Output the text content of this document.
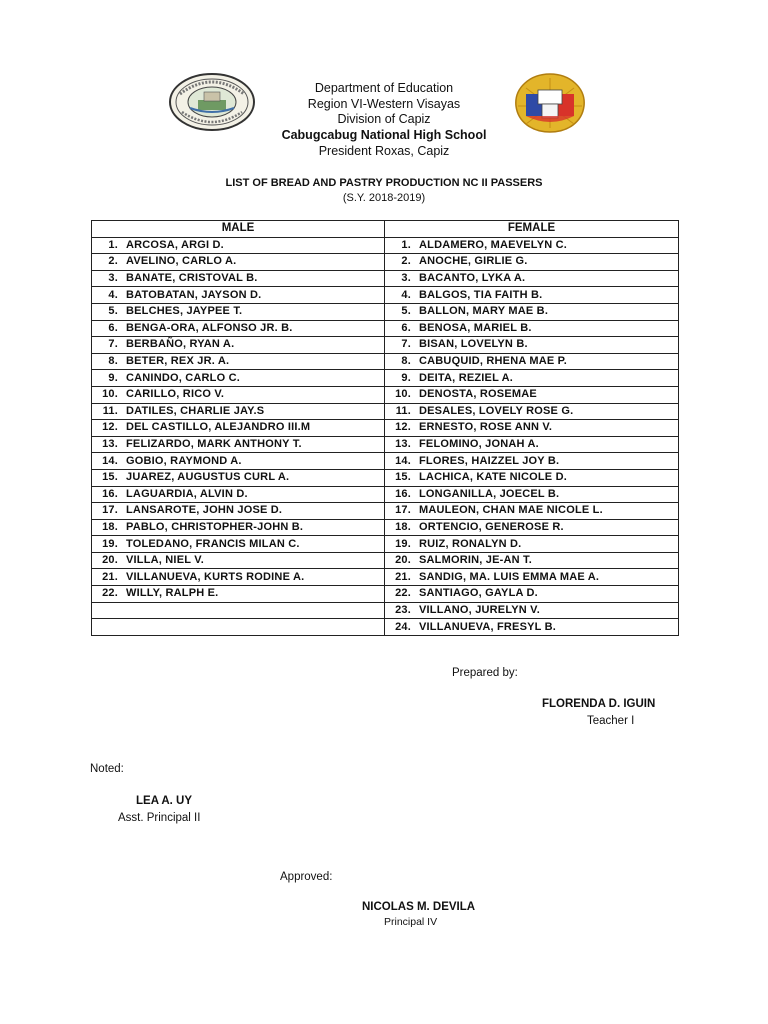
Department of Education
Region VI-Western Visayas
Division of Capiz
Cabugcabug National High School
President Roxas, Capiz
LIST OF BREAD AND PASTRY PRODUCTION NC II PASSERS
(S.Y. 2018-2019)
MALE	FEMALE
1. ARCOSA, ARGI D.	1. ALDAMERO, MAEVELYN C.
2. AVELINO, CARLO A.	2. ANOCHE, GIRLIE G.
3. BANATE, CRISTOVAL B.	3. BACANTO, LYKA A.
4. BATOBATAN, JAYSON D.	4. BALGOS, TIA FAITH B.
5. BELCHES, JAYPEE T.	5. BALLON, MARY MAE B.
6. BENGA-ORA, ALFONSO JR. B.	6. BENOSA, MARIEL B.
7. BERBAÑO, RYAN A.	7. BISAN, LOVELYN B.
8. BETER, REX JR. A.	8. CABUQUID, RHENA MAE P.
9. CANINDO, CARLO C.	9. DEITA, REZIEL A.
10. CARILLO, RICO V.	10. DENOSTA, ROSEMAE
11. DATILES, CHARLIE JAY.S	11. DESALES, LOVELY ROSE G.
12. DEL CASTILLO, ALEJANDRO III.M	12. ERNESTO, ROSE ANN V.
13. FELIZARDO, MARK ANTHONY T.	13. FELOMINO, JONAH A.
14. GOBIO, RAYMOND A.	14. FLORES, HAIZZEL JOY B.
15. JUAREZ, AUGUSTUS CURL A.	15. LACHICA, KATE NICOLE D.
16. LAGUARDIA, ALVIN D.	16. LONGANILLA, JOECEL B.
17. LANSAROTE, JOHN JOSE D.	17. MAULEON, CHAN MAE NICOLE L.
18. PABLO, CHRISTOPHER-JOHN B.	18. ORTENCIO, GENEROSE R.
19. TOLEDANO, FRANCIS MILAN C.	19. RUIZ, RONALYN D.
20. VILLA, NIEL V.	20. SALMORIN, JE-AN T.
21. VILLANUEVA, KURTS RODINE A.	21. SANDIG, MA. LUIS EMMA MAE A.
22. WILLY, RALPH E.	22. SANTIAGO, GAYLA D.
	23. VILLANO, JURELYN V.
	24. VILLANUEVA, FRESYL B.
Prepared by:
FLORENDA D. IGUIN
Teacher I
Noted:
LEA A. UY
Asst. Principal II
Approved:
NICOLAS M. DEVILA
Principal IV
